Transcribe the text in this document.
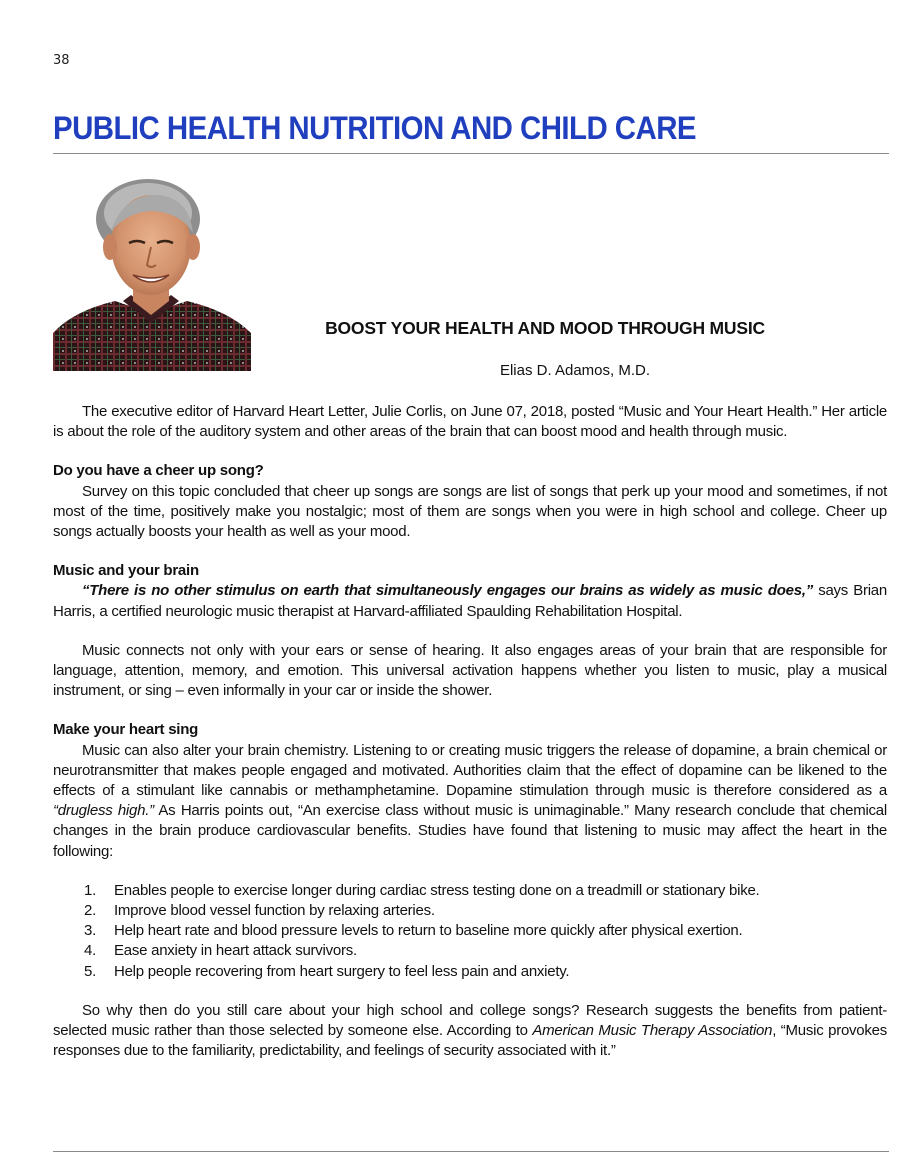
38
PUBLIC HEALTH NUTRITION AND CHILD CARE
BOOST YOUR HEALTH AND MOOD THROUGH MUSIC

Elias D. Adamos, M.D.

The executive editor of Harvard Heart Letter, Julie Corlis, on June 07, 2018, posted “Music and Your Heart Health.” Her article is about the role of the auditory system and other areas of the brain that can boost mood and health through music.

Do you have a cheer up song?

Survey on this topic concluded that cheer up songs are songs are list of songs that perk up your mood and sometimes, if not most of the time, positively make you nostalgic; most of them are songs when you were in high school and college. Cheer up songs actually boosts your health as well as your mood.

Music and your brain

“There is no other stimulus on earth that simultaneously engages our brains as widely as music does,” says Brian Harris, a certified neurologic music therapist at Harvard-affiliated Spaulding Rehabilitation Hospital.

Music connects not only with your ears or sense of hearing. It also engages areas of your brain that are responsible for language, attention, memory, and emotion. This universal activation happens whether you listen to music, play a musical instrument, or sing – even informally in your car or inside the shower.

Make your heart sing

Music can also alter your brain chemistry. Listening to or creating music triggers the release of dopamine, a brain chemical or neurotransmitter that makes people engaged and motivated. Authorities claim that the effect of dopamine can be likened to the effects of a stimulant like cannabis or methamphetamine. Dopamine stimulation through music is therefore considered as a “drugless high.” As Harris points out, “An exercise class without music is unimaginable.” Many research conclude that chemical changes in the brain produce cardiovascular benefits. Studies have found that listening to music may affect the heart in the following:

1.	Enables people to exercise longer during cardiac stress testing done on a treadmill or stationary bike.
2.	Improve blood vessel function by relaxing arteries.
3.	Help heart rate and blood pressure levels to return to baseline more quickly after physical exertion.
4.	Ease anxiety in heart attack survivors.
5.	Help people recovering from heart surgery to feel less pain and anxiety.

So why then do you still care about your high school and college songs? Research suggests the benefits from patient-selected music rather than those selected by someone else. According to American Music Therapy Association, “Music provokes responses due to the familiarity, predictability, and feelings of security associated with it.”
